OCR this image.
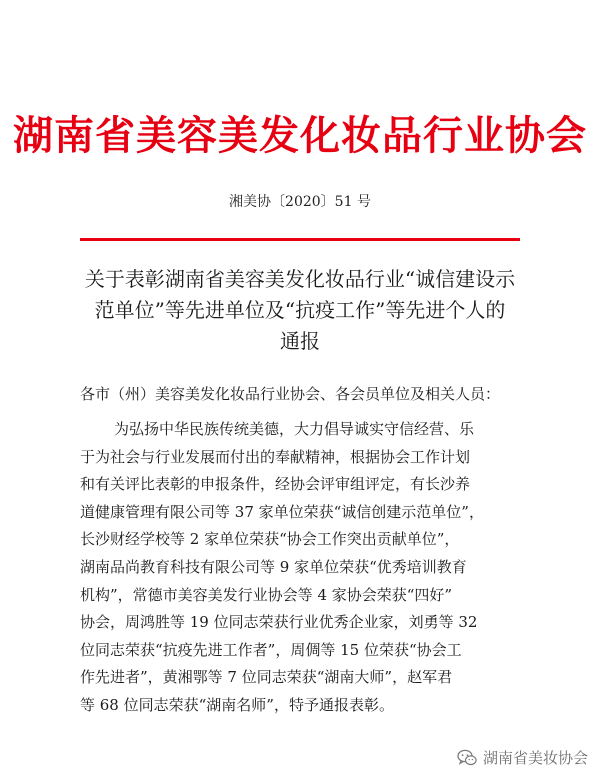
湖南省美容美发化妆品行业协会
湘美协〔2020〕51 号
关于表彰湖南省美容美发化妆品行业“诚信建设示
范单位”等先进单位及“抗疫工作”等先进个人的
通报
各市（州）美容美发化妆品行业协会、各会员单位及相关人员：
为弘扬中华民族传统美德，大力倡导诚实守信经营、乐
于为社会与行业发展而付出的奉献精神，根据协会工作计划
和有关评比表彰的申报条件，经协会评审组评定，有长沙养
道健康管理有限公司等 37 家单位荣获“诚信创建示范单位”，
长沙财经学校等 2 家单位荣获“协会工作突出贡献单位”，
湖南品尚教育科技有限公司等 9 家单位荣获“优秀培训教育
机构”，常德市美容美发行业协会等 4 家协会荣获“四好”
协会，周鸿胜等 19 位同志荣获行业优秀企业家，刘勇等 32
位同志荣获“抗疫先进工作者”，周倜等 15 位荣获“协会工
作先进者”，黄湘鄂等 7 位同志荣获“湖南大师”，赵军君
等 68 位同志荣获“湖南名师”，特予通报表彰。
湖南省美妆协会
